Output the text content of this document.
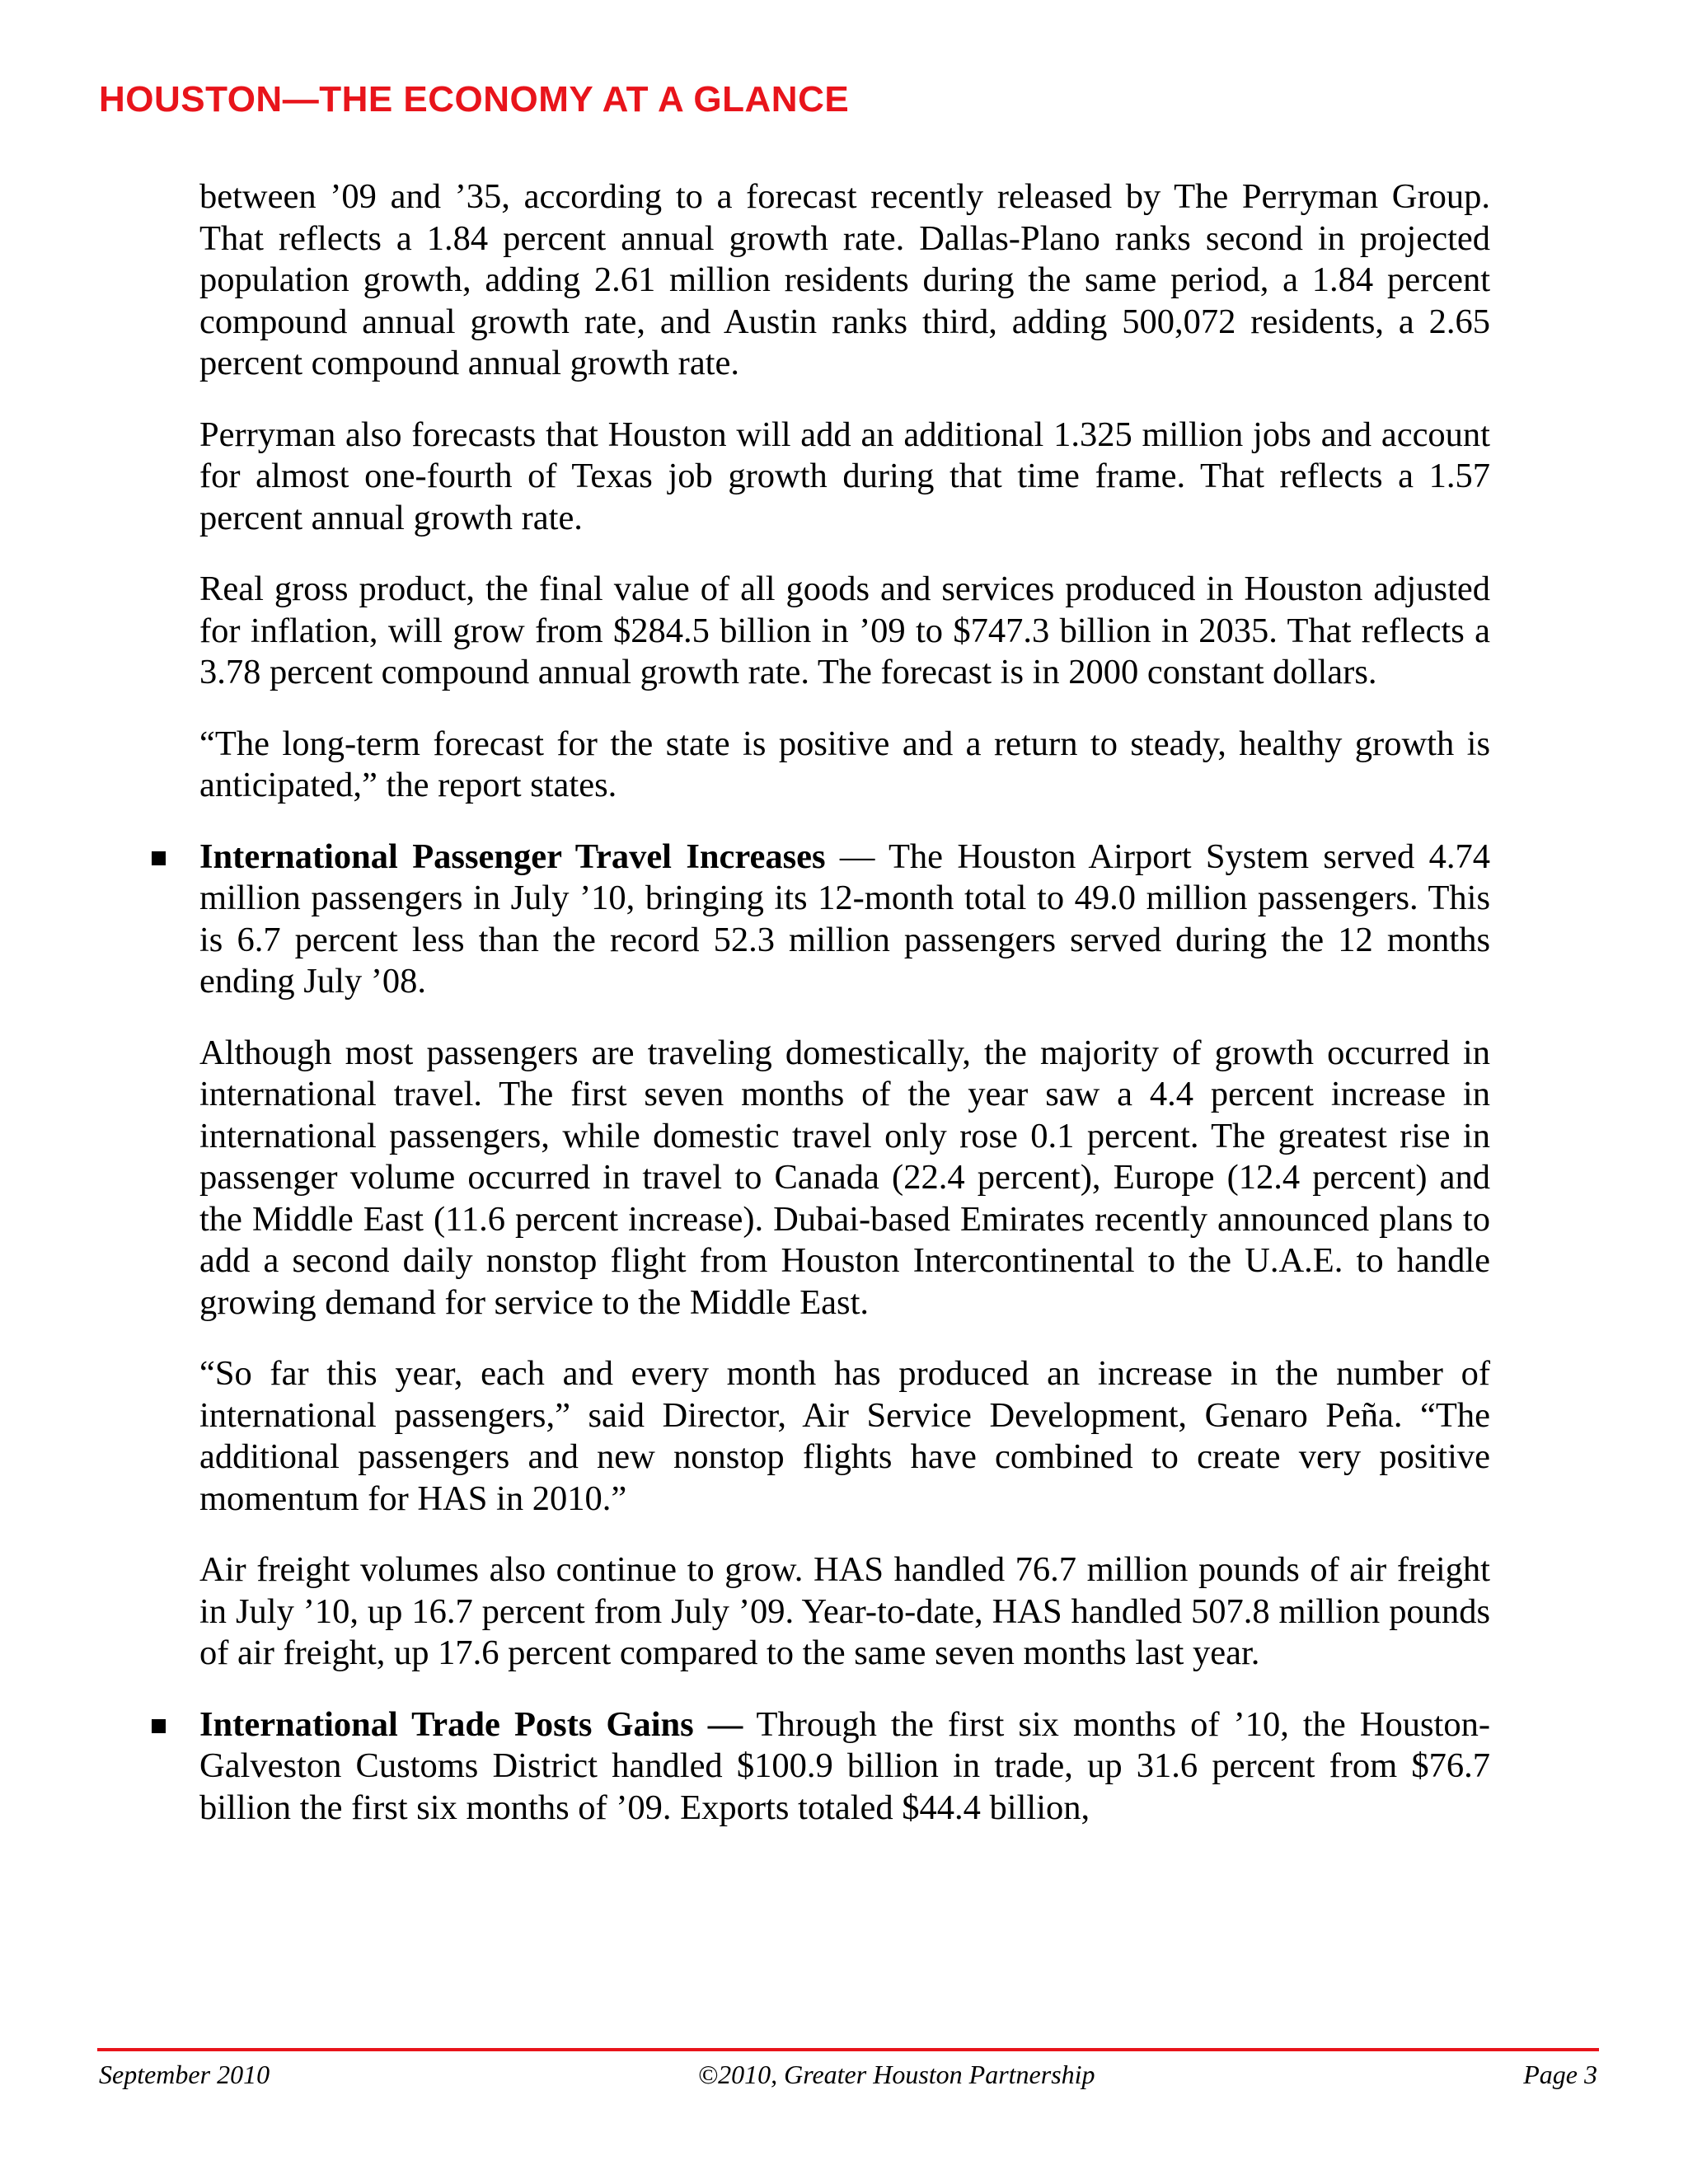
HOUSTON—THE ECONOMY AT A GLANCE

between ’09 and ’35, according to a forecast recently released by The Perryman Group. That reflects a 1.84 percent annual growth rate. Dallas-Plano ranks second in projected population growth, adding 2.61 million residents during the same period, a 1.84 percent compound annual growth rate, and Austin ranks third, adding 500,072 residents, a 2.65 percent compound annual growth rate.

Perryman also forecasts that Houston will add an additional 1.325 million jobs and account for almost one-fourth of Texas job growth during that time frame. That reflects a 1.57 percent annual growth rate.

Real gross product, the final value of all goods and services produced in Houston adjusted for inflation, will grow from $284.5 billion in ’09 to $747.3 billion in 2035. That reflects a 3.78 percent compound annual growth rate. The forecast is in 2000 constant dollars.

“The long-term forecast for the state is positive and a return to steady, healthy growth is anticipated,” the report states.

International Passenger Travel Increases — The Houston Airport System served 4.74 million passengers in July ’10, bringing its 12-month total to 49.0 million passengers. This is 6.7 percent less than the record 52.3 million passengers served during the 12 months ending July ’08.

Although most passengers are traveling domestically, the majority of growth occurred in international travel. The first seven months of the year saw a 4.4 percent increase in international passengers, while domestic travel only rose 0.1 percent. The greatest rise in passenger volume occurred in travel to Canada (22.4 percent), Europe (12.4 percent) and the Middle East (11.6 percent increase). Dubai-based Emirates recently announced plans to add a second daily nonstop flight from Houston Intercontinental to the U.A.E. to handle growing demand for service to the Middle East.

“So far this year, each and every month has produced an increase in the number of international passengers,” said Director, Air Service Development, Genaro Peña. “The additional passengers and new nonstop flights have combined to create very positive momentum for HAS in 2010.”

Air freight volumes also continue to grow. HAS handled 76.7 million pounds of air freight in July ’10, up 16.7 percent from July ’09. Year-to-date, HAS handled 507.8 million pounds of air freight, up 17.6 percent compared to the same seven months last year.

International Trade Posts Gains — Through the first six months of ’10, the Houston-Galveston Customs District handled $100.9 billion in trade, up 31.6 percent from $76.7 billion the first six months of ’09. Exports totaled $44.4 billion,

September 2010	©2010, Greater Houston Partnership	Page 3
